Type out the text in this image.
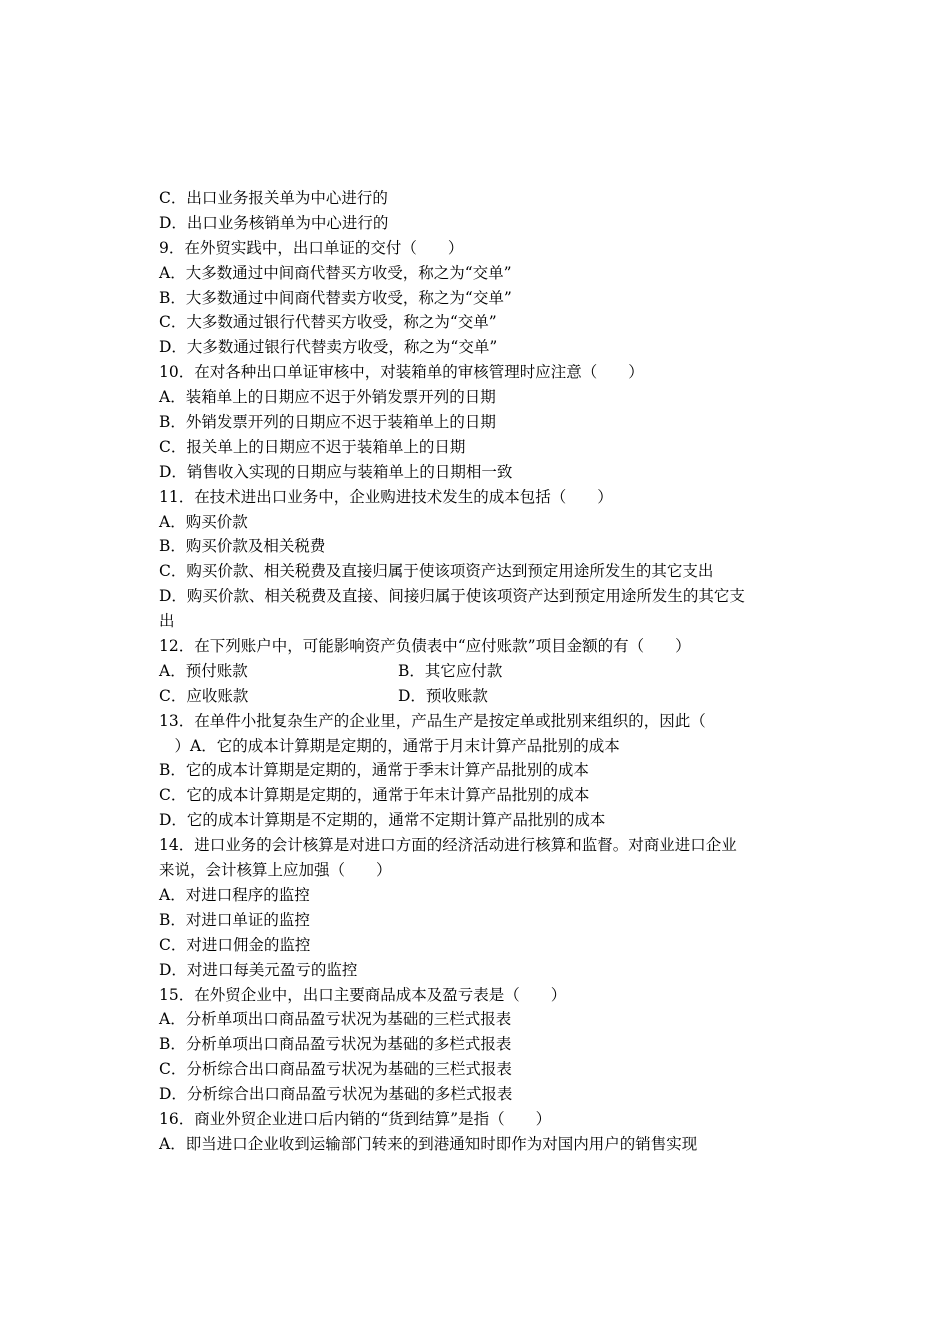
C．出口业务报关单为中心进行的
D．出口业务核销单为中心进行的
9．在外贸实践中，出口单证的交付（　　）
A．大多数通过中间商代替买方收受，称之为“交单”
B．大多数通过中间商代替卖方收受，称之为“交单”
C．大多数通过银行代替买方收受，称之为“交单”
D．大多数通过银行代替卖方收受，称之为“交单”
10．在对各种出口单证审核中，对装箱单的审核管理时应注意（　　）
A．装箱单上的日期应不迟于外销发票开列的日期
B．外销发票开列的日期应不迟于装箱单上的日期
C．报关单上的日期应不迟于装箱单上的日期
D．销售收入实现的日期应与装箱单上的日期相一致
11．在技术进出口业务中，企业购进技术发生的成本包括（　　）
A．购买价款
B．购买价款及相关税费
C．购买价款、相关税费及直接归属于使该项资产达到预定用途所发生的其它支出
D．购买价款、相关税费及直接、间接归属于使该项资产达到预定用途所发生的其它支
出
12．在下列账户中，可能影响资产负债表中“应付账款”项目金额的有（　　）
A．预付账款	B．其它应付款
C．应收账款	D．预收账款
13．在单件小批复杂生产的企业里，产品生产是按定单或批别来组织的，因此（
　）A．它的成本计算期是定期的，通常于月末计算产品批别的成本
B．它的成本计算期是定期的，通常于季末计算产品批别的成本
C．它的成本计算期是定期的，通常于年末计算产品批别的成本
D．它的成本计算期是不定期的，通常不定期计算产品批别的成本
14．进口业务的会计核算是对进口方面的经济活动进行核算和监督。对商业进口企业
来说，会计核算上应加强（　　）
A．对进口程序的监控
B．对进口单证的监控
C．对进口佣金的监控
D．对进口每美元盈亏的监控
15．在外贸企业中，出口主要商品成本及盈亏表是（　　）
A．分析单项出口商品盈亏状况为基础的三栏式报表
B．分析单项出口商品盈亏状况为基础的多栏式报表
C．分析综合出口商品盈亏状况为基础的三栏式报表
D．分析综合出口商品盈亏状况为基础的多栏式报表
16．商业外贸企业进口后内销的“货到结算”是指（　　）
A．即当进口企业收到运输部门转来的到港通知时即作为对国内用户的销售实现
